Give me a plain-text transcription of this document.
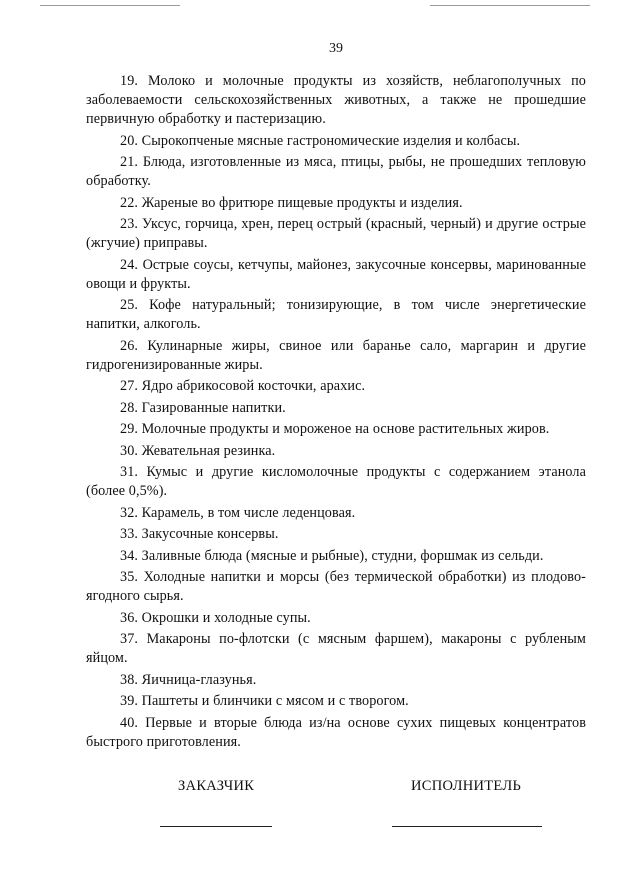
39

19. Молоко и молочные продукты из хозяйств, неблагополучных по заболеваемости сельскохозяйственных животных, а также не прошедшие первичную обработку и пастеризацию.

20. Сырокопченые мясные гастрономические изделия и колбасы.

21. Блюда, изготовленные из мяса, птицы, рыбы, не прошедших тепловую обработку.

22. Жареные во фритюре пищевые продукты и изделия.

23. Уксус, горчица, хрен, перец острый (красный, черный) и другие острые (жгучие) приправы.

24. Острые соусы, кетчупы, майонез, закусочные консервы, маринованные овощи и фрукты.

25. Кофе натуральный; тонизирующие, в том числе энергетические напитки, алкоголь.

26. Кулинарные жиры, свиное или баранье сало, маргарин и другие гидрогенизированные жиры.

27. Ядро абрикосовой косточки, арахис.

28. Газированные напитки.

29. Молочные продукты и мороженое на основе растительных жиров.

30. Жевательная резинка.

31. Кумыс и другие кисломолочные продукты с содержанием этанола (более 0,5%).

32. Карамель, в том числе леденцовая.

33. Закусочные консервы.

34. Заливные блюда (мясные и рыбные), студни, форшмак из сельди.

35. Холодные напитки и морсы (без термической обработки) из плодово-ягодного сырья.

36. Окрошки и холодные супы.

37. Макароны по-флотски (с мясным фаршем), макароны с рубленым яйцом.

38. Яичница-глазунья.

39. Паштеты и блинчики с мясом и с творогом.

40. Первые и вторые блюда из/на основе сухих пищевых концентратов быстрого приготовления.

ЗАКАЗЧИК	ИСПОЛНИТЕЛЬ
